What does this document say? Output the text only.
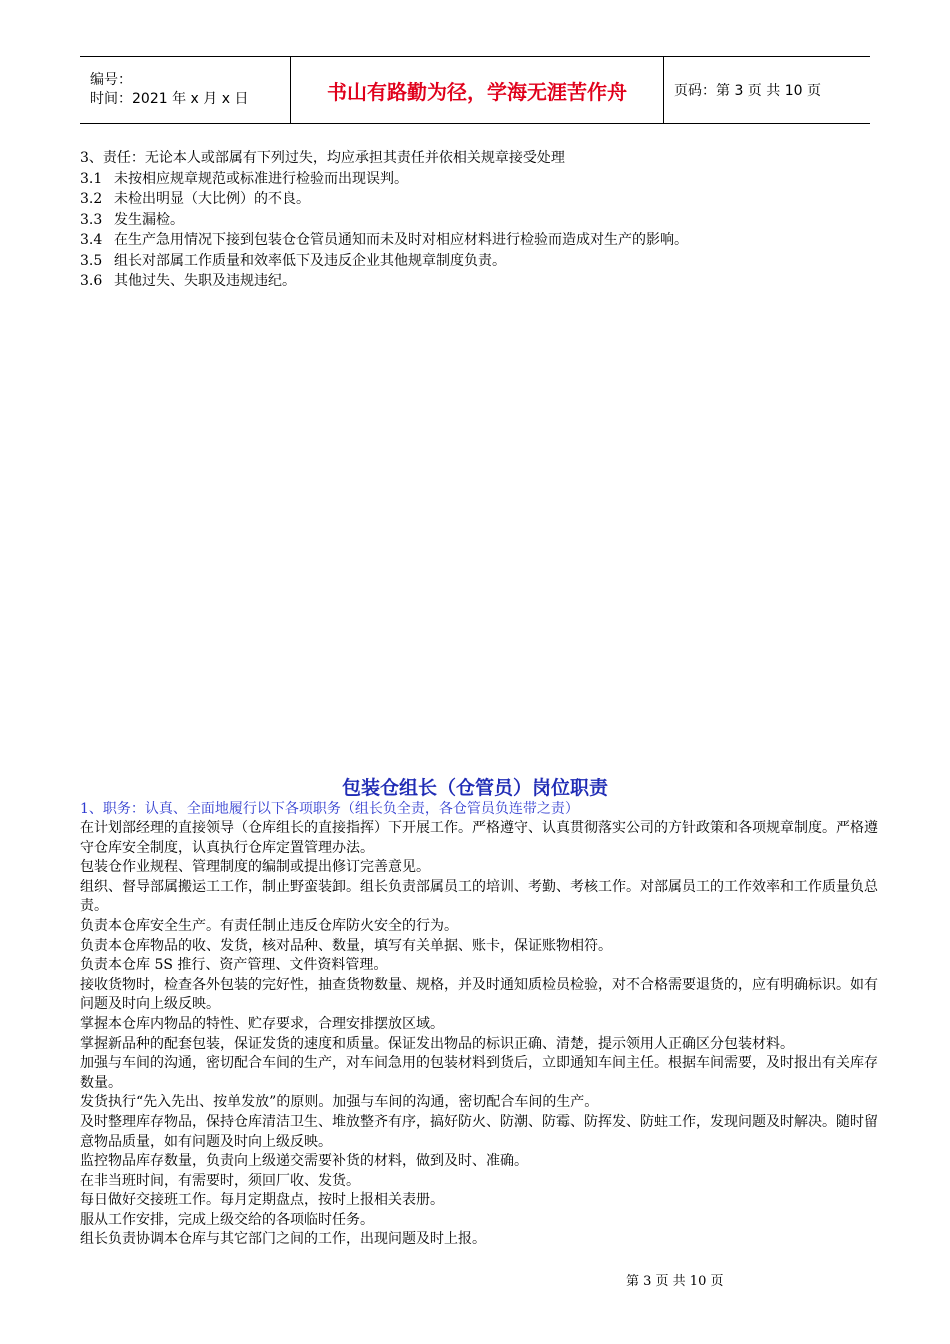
编号：
时间：2021 年 x 月 x 日	书山有路勤为径，学海无涯苦作舟	页码：第 3 页 共 10 页

3、责任：无论本人或部属有下列过失，均应承担其责任并依相关规章接受处理

3.1 未按相应规章规范或标准进行检验而出现误判。

3.2 未检出明显（大比例）的不良。

3.3 发生漏检。

3.4 在生产急用情况下接到包装仓仓管员通知而未及时对相应材料进行检验而造成对生产的影响。

3.5 组长对部属工作质量和效率低下及违反企业其他规章制度负责。

3.6 其他过失、失职及违规违纪。

包装仓组长（仓管员）岗位职责
1、职务：认真、全面地履行以下各项职务（组长负全责，各仓管员负连带之责）

在计划部经理的直接领导（仓库组长的直接指挥）下开展工作。严格遵守、认真贯彻落实公司的方针政策和各项规章制度。严格遵守仓库安全制度，认真执行仓库定置管理办法。

包装仓作业规程、管理制度的编制或提出修订完善意见。

组织、督导部属搬运工工作，制止野蛮装卸。组长负责部属员工的培训、考勤、考核工作。对部属员工的工作效率和工作质量负总责。

负责本仓库安全生产。有责任制止违反仓库防火安全的行为。

负责本仓库物品的收、发货，核对品种、数量，填写有关单据、账卡，保证账物相符。

负责本仓库 5S 推行、资产管理、文件资料管理。

接收货物时，检查各外包装的完好性，抽查货物数量、规格，并及时通知质检员检验，对不合格需要退货的，应有明确标识。如有问题及时向上级反映。

掌握本仓库内物品的特性、贮存要求，合理安排摆放区域。

掌握新品种的配套包装，保证发货的速度和质量。保证发出物品的标识正确、清楚，提示领用人正确区分包装材料。

加强与车间的沟通，密切配合车间的生产，对车间急用的包装材料到货后，立即通知车间主任。根据车间需要，及时报出有关库存数量。

发货执行“先入先出、按单发放”的原则。加强与车间的沟通，密切配合车间的生产。

及时整理库存物品，保持仓库清洁卫生、堆放整齐有序，搞好防火、防潮、防霉、防挥发、防蛀工作，发现问题及时解决。随时留意物品质量，如有问题及时向上级反映。

监控物品库存数量，负责向上级递交需要补货的材料，做到及时、准确。

在非当班时间，有需要时，须回厂收、发货。

每日做好交接班工作。每月定期盘点，按时上报相关表册。

服从工作安排，完成上级交给的各项临时任务。

组长负责协调本仓库与其它部门之间的工作，出现问题及时上报。

第 3 页 共 10 页
